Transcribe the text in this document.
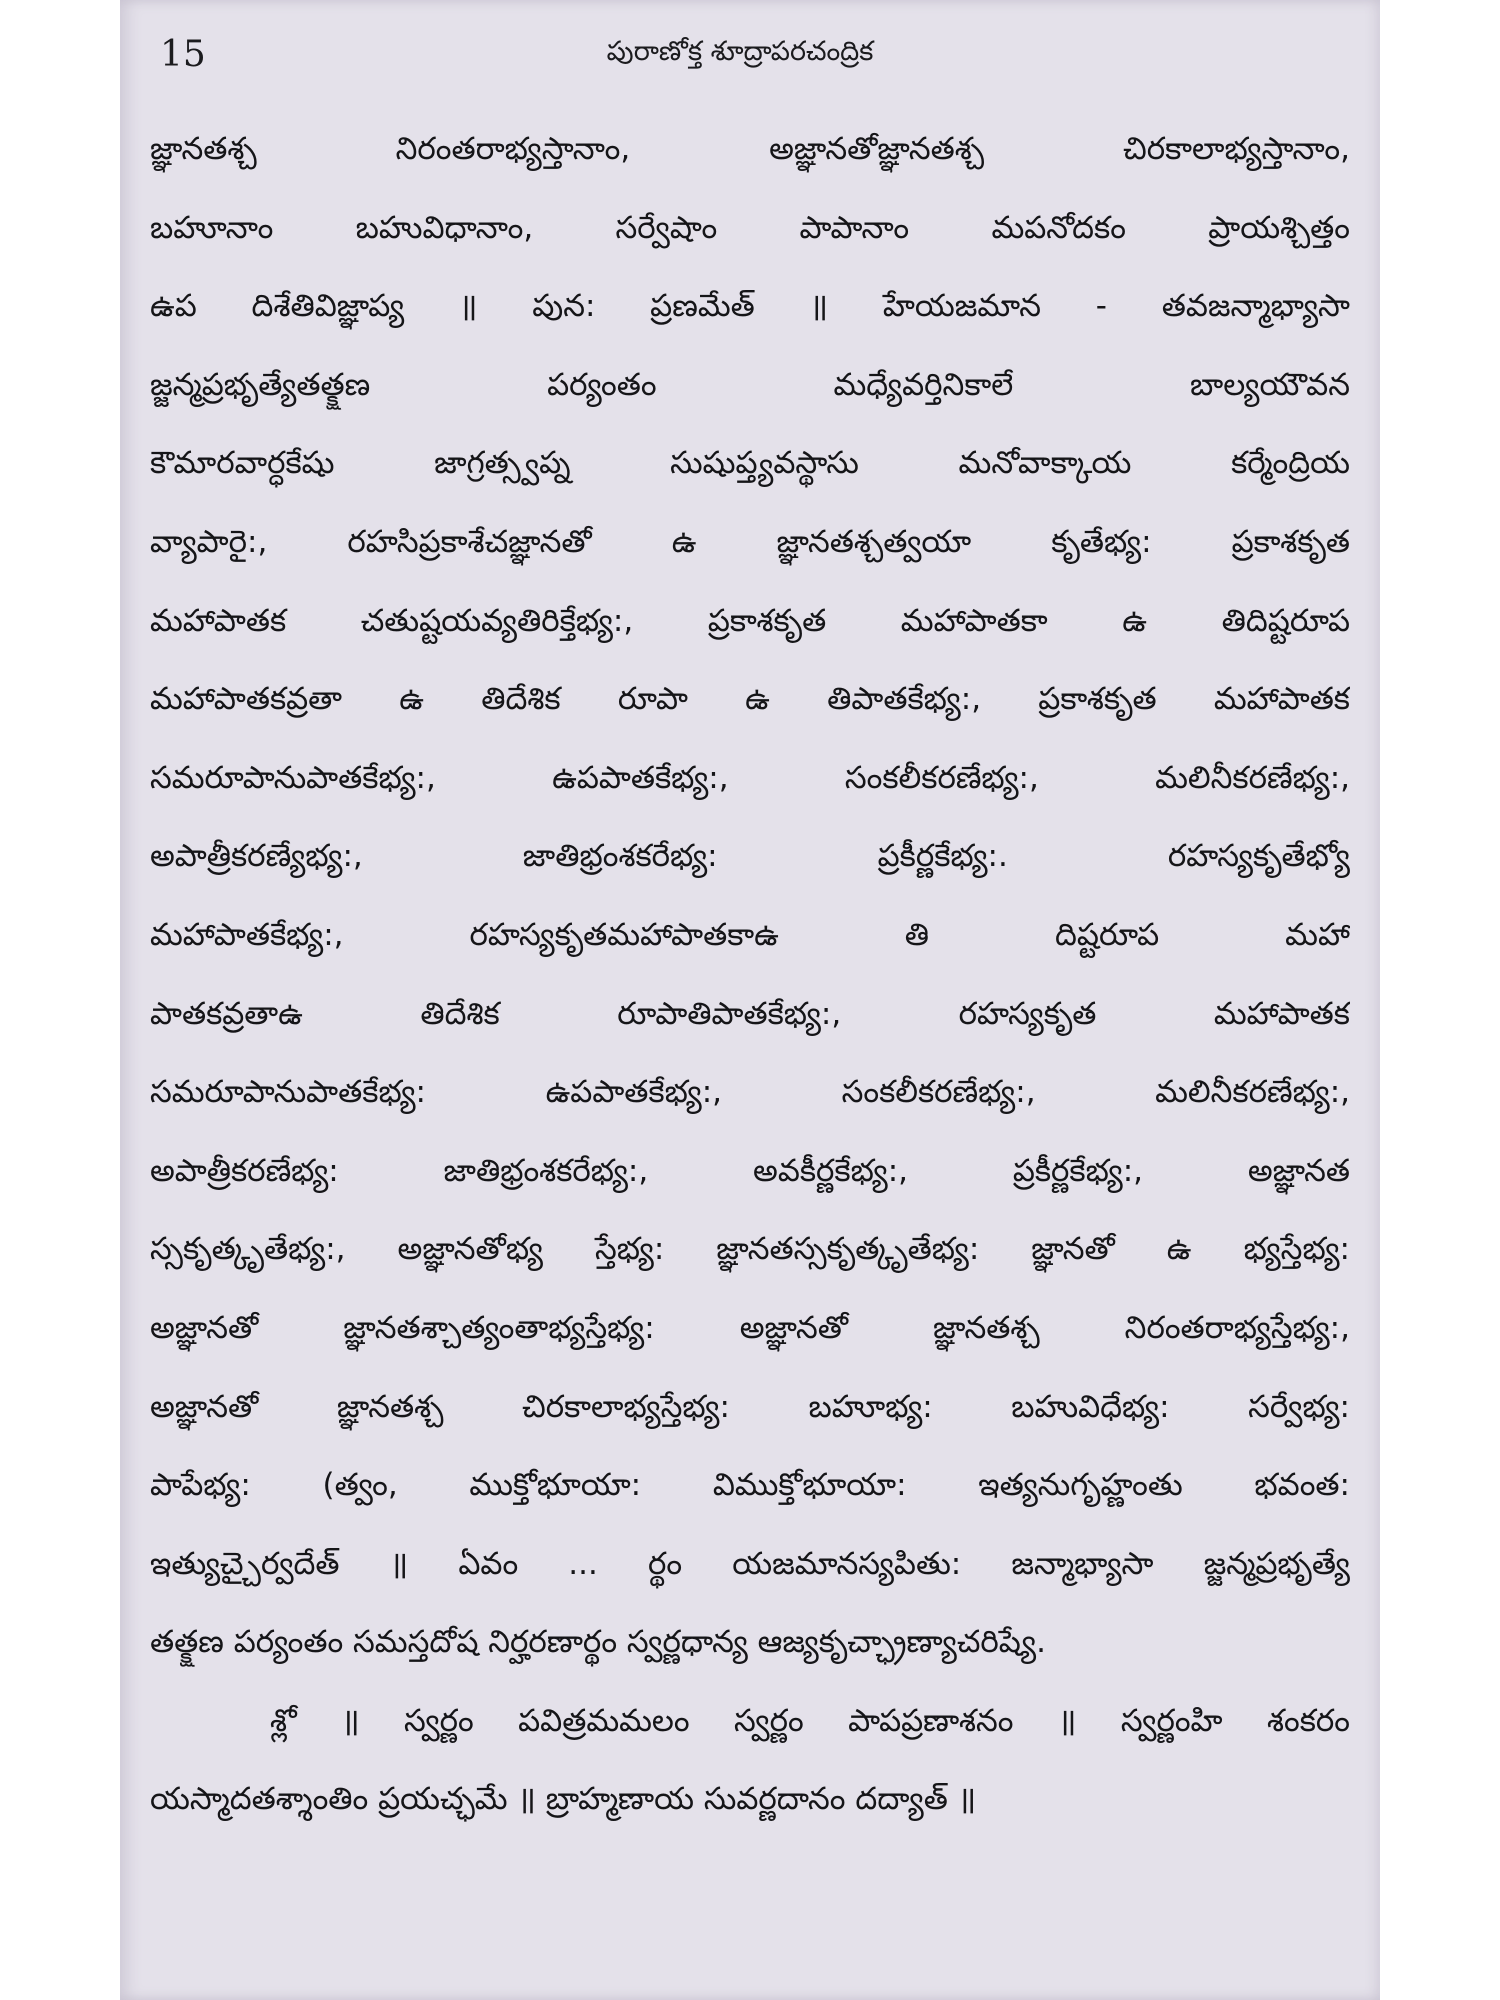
15	పురాణోక్త శూద్రాపరచంద్రిక
జ్ఞానతశ్చ నిరంతరాభ్యస్తానాం, అజ్ఞానతోజ్ఞానతశ్చ చిరకాలాభ్యస్తానాం,
బహూనాం బహువిధానాం, సర్వేషాం పాపానాం మపనోదకం ప్రాయశ్చిత్తం
ఉప దిశేతివిజ్ఞాప్య ॥ పున: ప్రణమేత్ ॥ హేయజమాన - తవజన్మాభ్యాసా
జ్జన్మప్రభృత్యేతత్క్షణ పర్యంతం మధ్యేవర్తినికాలే బాల్యయౌవన
కౌమారవార్ధకేషు జాగ్రత్స్వప్న సుషుప్త్యవస్థాసు మనోవాక్కాయ కర్మేంద్రియ
వ్యాపారై:, రహసిప్రకాశేచజ్ఞానతో ఉ జ్ఞానతశ్చత్వయా కృతేభ్య: ప్రకాశకృత
మహాపాతక చతుష్టయవ్యతిరిక్తేభ్య:, ప్రకాశకృత మహాపాతకా ఉ తిదిష్టరూప
మహాపాతకవ్రతా ఉ తిదేశిక రూపా ఉ తిపాతకేభ్య:, ప్రకాశకృత మహాపాతక
సమరూపానుపాతకేభ్య:, ఉపపాతకేభ్య:, సంకలీకరణేభ్య:, మలినీకరణేభ్య:,
అపాత్రీకరణ్యేభ్య:, జాతిభ్రంశకరేభ్య: ప్రకీర్ణకేభ్య:. రహస్యకృతేభ్యో
మహాపాతకేభ్య:, రహస్యకృతమహాపాతకాఉ తి దిష్టరూప మహా
పాతకవ్రతాఉ తిదేశిక రూపాతిపాతకేభ్య:, రహస్యకృత మహాపాతక
సమరూపానుపాతకేభ్య: ఉపపాతకేభ్య:, సంకలీకరణేభ్య:, మలినీకరణేభ్య:,
అపాత్రీకరణేభ్య: జాతిభ్రంశకరేభ్య:, అవకీర్ణకేభ్య:, ప్రకీర్ణకేభ్య:, అజ్ఞానత
స్సకృత్కృతేభ్య:, అజ్ఞానతోభ్య స్తేభ్య: జ్ఞానతస్సకృత్కృతేభ్య: జ్ఞానతో ఉ భ్యస్తేభ్య:
అజ్ఞానతో జ్ఞానతశ్చాత్యంతాభ్యస్తేభ్య: అజ్ఞానతో జ్ఞానతశ్చ నిరంతరాభ్యస్తేభ్య:,
అజ్ఞానతో జ్ఞానతశ్చ చిరకాలాభ్యస్తేభ్య: బహూభ్య: బహువిధేభ్య: సర్వేభ్య:
పాపేభ్య: (త్వం, ముక్తోభూయా: విముక్తోభూయా: ఇత్యనుగృహ్ణంతు భవంత:
ఇత్యుచ్చైర్వదేత్ ॥ ఏవం ... ర్థం యజమానస్యపితు: జన్మాభ్యాసా జ్జన్మప్రభృత్యే
తత్క్షణ పర్యంతం సమస్తదోష నిర్హరణార్థం స్వర్ణధాన్య ఆజ్యకృచ్ఛ్రాణ్యాచరిష్యే.
శ్లో ॥ స్వర్ణం పవిత్రమమలం స్వర్ణం పాపప్రణాశనం ॥ స్వర్ణంహి శంకరం
యస్మాదతశ్శాంతిం ప్రయచ్ఛమే ॥ బ్రాహ్మణాయ సువర్ణదానం దద్యాత్ ॥
